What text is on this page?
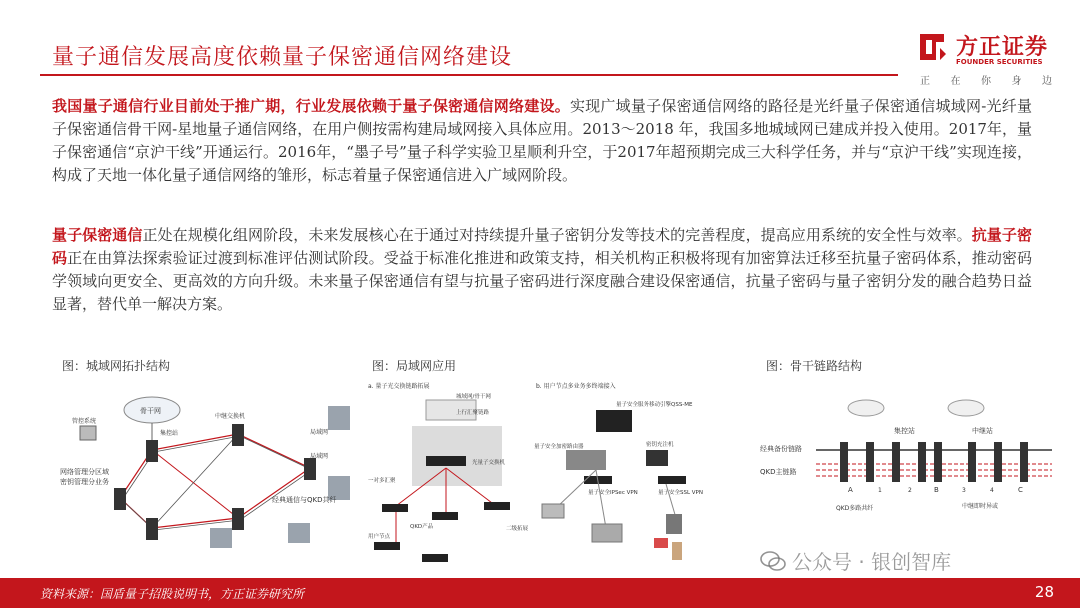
量子通信发展高度依赖量子保密通信网络建设	方正证券
FOUNDER SECURITIES
正 在 你 身 边
我国量子通信行业目前处于推广期，行业发展依赖于量子保密通信网络建设。实现广域量子保密通信网络的路径是光纤量子保密通信城域网-光纤量子保密通信骨干网-星地量子通信网络，在用户侧按需构建局域网接入具体应用。2013～2018 年，我国多地城域网已建成并投入使用。2017年，量子保密通信“京沪干线”开通运行。2016年，“墨子号”量子科学实验卫星顺利升空，于2017年超预期完成三大科学任务，并与“京沪干线”实现连接，构成了天地一体化量子通信网络的雏形，标志着量子保密通信进入广域网阶段。
量子保密通信正处在规模化组网阶段，未来发展核心在于通过对持续提升量子密钥分发等技术的完善程度，提高应用系统的安全性与效率。抗量子密码正在由算法探索验证过渡到标准评估测试阶段。受益于标准化推进和政策支持，相关机构正积极将现有加密算法迁移至抗量子密码体系，推动密码学领域向更安全、更高效的方向升级。未来量子保密通信有望与抗量子密码进行深度融合建设保密通信，抗量子密码与量子密钥分发的融合趋势日益显著，替代单一解决方案。
图：城域网拓扑结构	图：局域网应用	图：骨干链路结构
骨干网
集控站
中继交换机
管控系统
局域网
局域网
网络管理分区域
密钥管理分业务
经典通信与QKD共纤
a. 量子光交换链路拓展	b. 用户节点多业务多终端接入
城域网/骨干网
上行汇聚链路
光量子交换机
一对多汇聚
QKD产品
用户节点
二级拓展
量子安全服务移动引擎QSS-ME
量子安全加密路由器	密钥充注机
量子安全IPSec VPN	量子安全SSL VPN
集控站	中继站
经典备份链路
QKD主链路
A	B	C
1	2	3	4
QKD多路共纤	中继即时异或
公众号 · 银创智库
资料来源：国盾量子招股说明书，方正证券研究所	28
